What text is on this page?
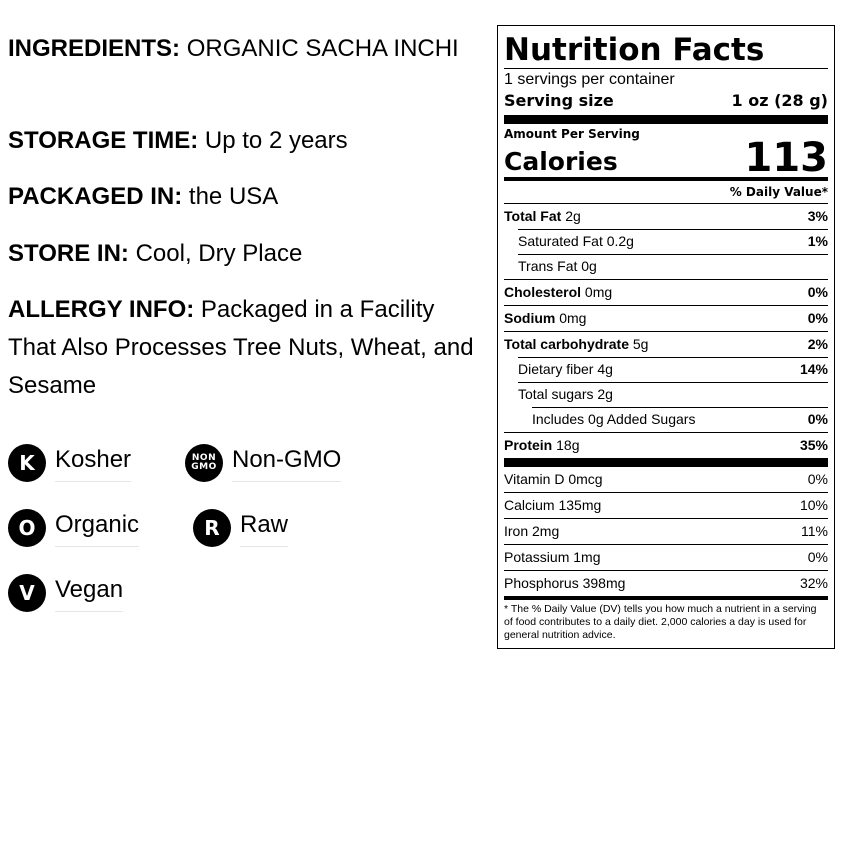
INGREDIENTS: ORGANIC SACHA INCHI

STORAGE TIME: Up to 2 years

PACKAGED IN: the USA

STORE IN: Cool, Dry Place

ALLERGY INFO: Packaged in a Facility That Also Processes Tree Nuts, Wheat, and Sesame

K Kosher	NON
GMO Non-GMO
O Organic	R Raw
V Vegan
Nutrition Facts
1 servings per container
Serving size	1 oz (28 g)
Amount Per Serving
Calories	113
% Daily Value*
Total Fat 2g	3%
Saturated Fat 0.2g	1%
Trans Fat 0g
Cholesterol 0mg	0%
Sodium 0mg	0%
Total carbohydrate 5g	2%
Dietary fiber 4g	14%
Total sugars 2g
Includes 0g Added Sugars	0%
Protein 18g	35%
Vitamin D 0mcg	0%
Calcium 135mg	10%
Iron 2mg	11%
Potassium 1mg	0%
Phosphorus 398mg	32%
* The % Daily Value (DV) tells you how much a nutrient in a serving of food contributes to a daily diet. 2,000 calories a day is used for general nutrition advice.
